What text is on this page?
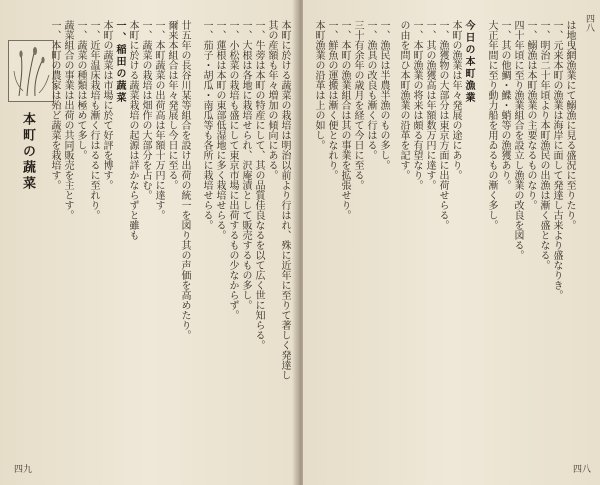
本町の蔬菜	本町に於ける蔬菜の栽培は明治以前より行はれ、殊に近年に至りて著しく発達し
其の産額も年々増加の傾向にある。
一、牛蒡は本町の特産にして、其の品質佳良なるを以て広く世に知らる。
一、大根は各地に栽培せられ、沢庵漬として販売するもの多し。
一、小松菜の栽培も盛にして東京市場に出荷するもの少なからず。
一、蓮根は本町の東部低湿地に多く栽培せらる。
一、茄子・胡瓜・南瓜等も各所に栽培せらる。
廿五年の長谷川某等組合を設け出荷の統一を図り其の声価を高めたり。
爾来本組合は年々発展し今日に至る。
一、本町蔬菜の出荷高は年額十万円に達す。
一、蔬菜の栽培は畑作の大部分を占む。
本町に於ける蔬菜栽培の起源は詳かならずと雖も
一、稲田の蔬菜
本町の蔬菜は市場に於て好評を博す。
一、近年温床栽培も漸く行はるるに至れり。
一、蔬菜の種類は極めて多し。
蔬菜組合の事業は出荷の共同販売を主とす。
一、本町の農家は殆ど蔬菜を栽培す。
四九
四八
は地曳網漁業にて鰯漁に見る盛況に至りたり。
一、元来本町の漁業は海岸に面して発達し古来より盛なりき。
一、明治二十年頃より本町漁民の出漁は漸く盛となる。
一、鰯漁は本町漁業の主要なるものなり。
四十年頃に至り漁業組合を設立し漁業の改良を図る。
一、其の他鯛・鰈・蛸等の漁獲あり。
大正年間に至り動力船を用ゐるもの漸く多し。
今日の本町漁業
本町の漁業は年々発展の途にあり。
一、漁獲物の大部分は東京方面に出荷せらる。
一、其の漁獲高は年額数万円に達す。
一、本町漁業の将来は頗る有望なり。
の由を問ひ本町漁業の沿革を記す。
一、漁民は半農半漁のもの多し。
一、漁具の改良も漸く行はる。
三十有余年の歳月を経て今日に至る。
一、本町の漁業組合は其の事業を拡張せり。
一、鮮魚の運搬は漸く便となれり。
本町漁業の沿革は上の如し。
四八
